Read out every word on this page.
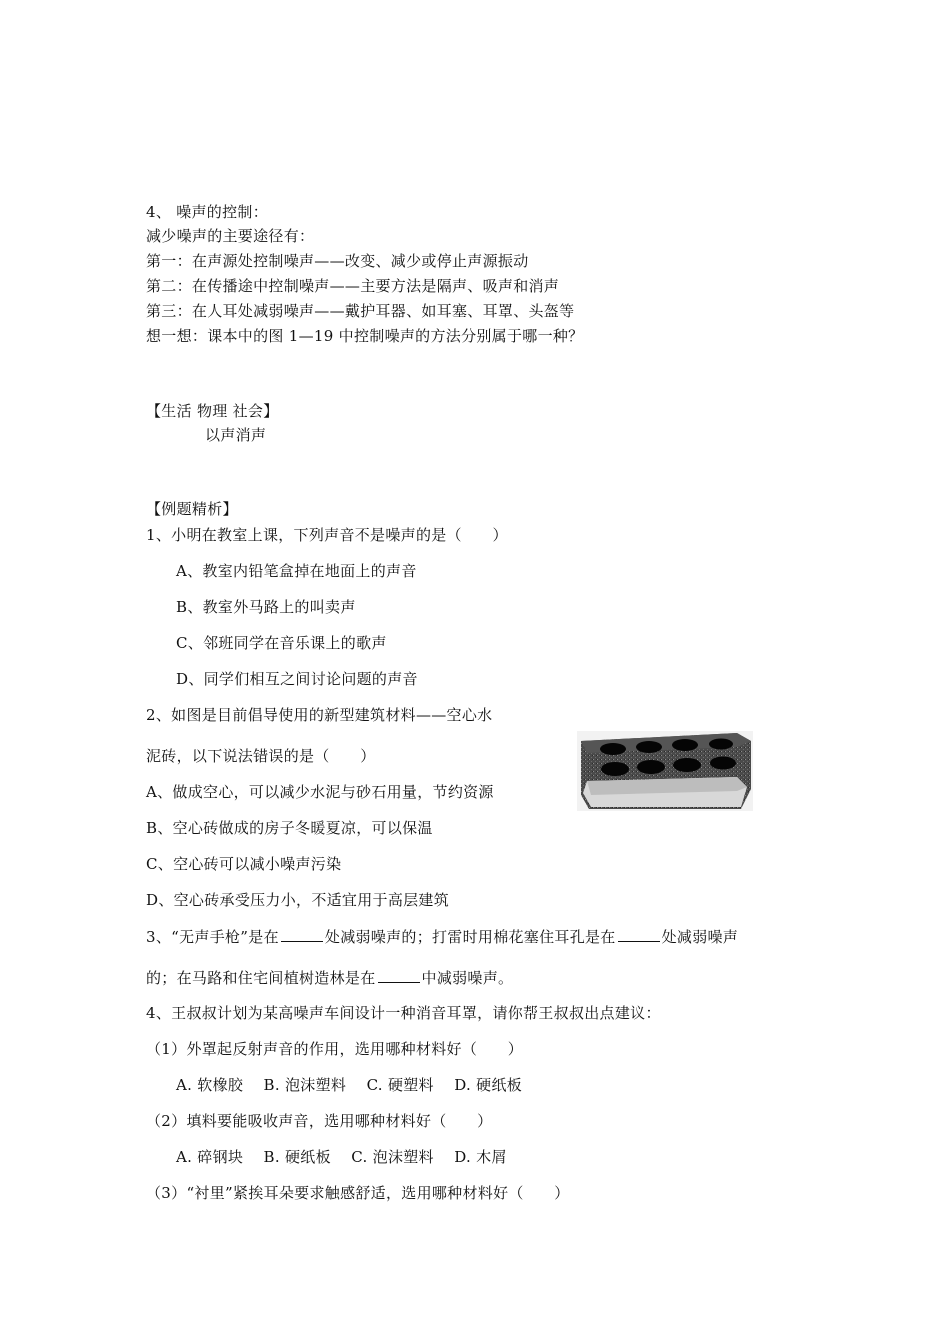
4、 噪声的控制：
减少噪声的主要途径有：
第一：在声源处控制噪声——改变、减少或停止声源振动
第二：在传播途中控制噪声——主要方法是隔声、吸声和消声
第三：在人耳处减弱噪声——戴护耳器、如耳塞、耳罩、头盔等
想一想：课本中的图 1—19 中控制噪声的方法分别属于哪一种？
【生活 物理 社会】
以声消声
【例题精析】
1、小明在教室上课，下列声音不是噪声的是（　　）
A、教室内铅笔盒掉在地面上的声音
B、教室外马路上的叫卖声
C、邻班同学在音乐课上的歌声
D、同学们相互之间讨论问题的声音
2、如图是目前倡导使用的新型建筑材料——空心水
泥砖，以下说法错误的是（　　）
A、做成空心，可以减少水泥与砂石用量，节约资源
B、空心砖做成的房子冬暖夏凉，可以保温
C、空心砖可以减小噪声污染
D、空心砖承受压力小，不适宜用于高层建筑
3、“无声手枪”是在	处减弱噪声的；打雷时用棉花塞住耳孔是在	处减弱噪声
的；在马路和住宅间植树造林是在	中减弱噪声。
4、王叔叔计划为某高噪声车间设计一种消音耳罩，请你帮王叔叔出点建议：
（1）外罩起反射声音的作用，选用哪种材料好（　　）
A. 软橡胶　 B. 泡沫塑料　 C. 硬塑料　 D. 硬纸板
（2）填料要能吸收声音，选用哪种材料好（　　）
A. 碎钢块　 B. 硬纸板　 C. 泡沫塑料　 D. 木屑
（3）“衬里”紧挨耳朵要求触感舒适，选用哪种材料好（　　）
